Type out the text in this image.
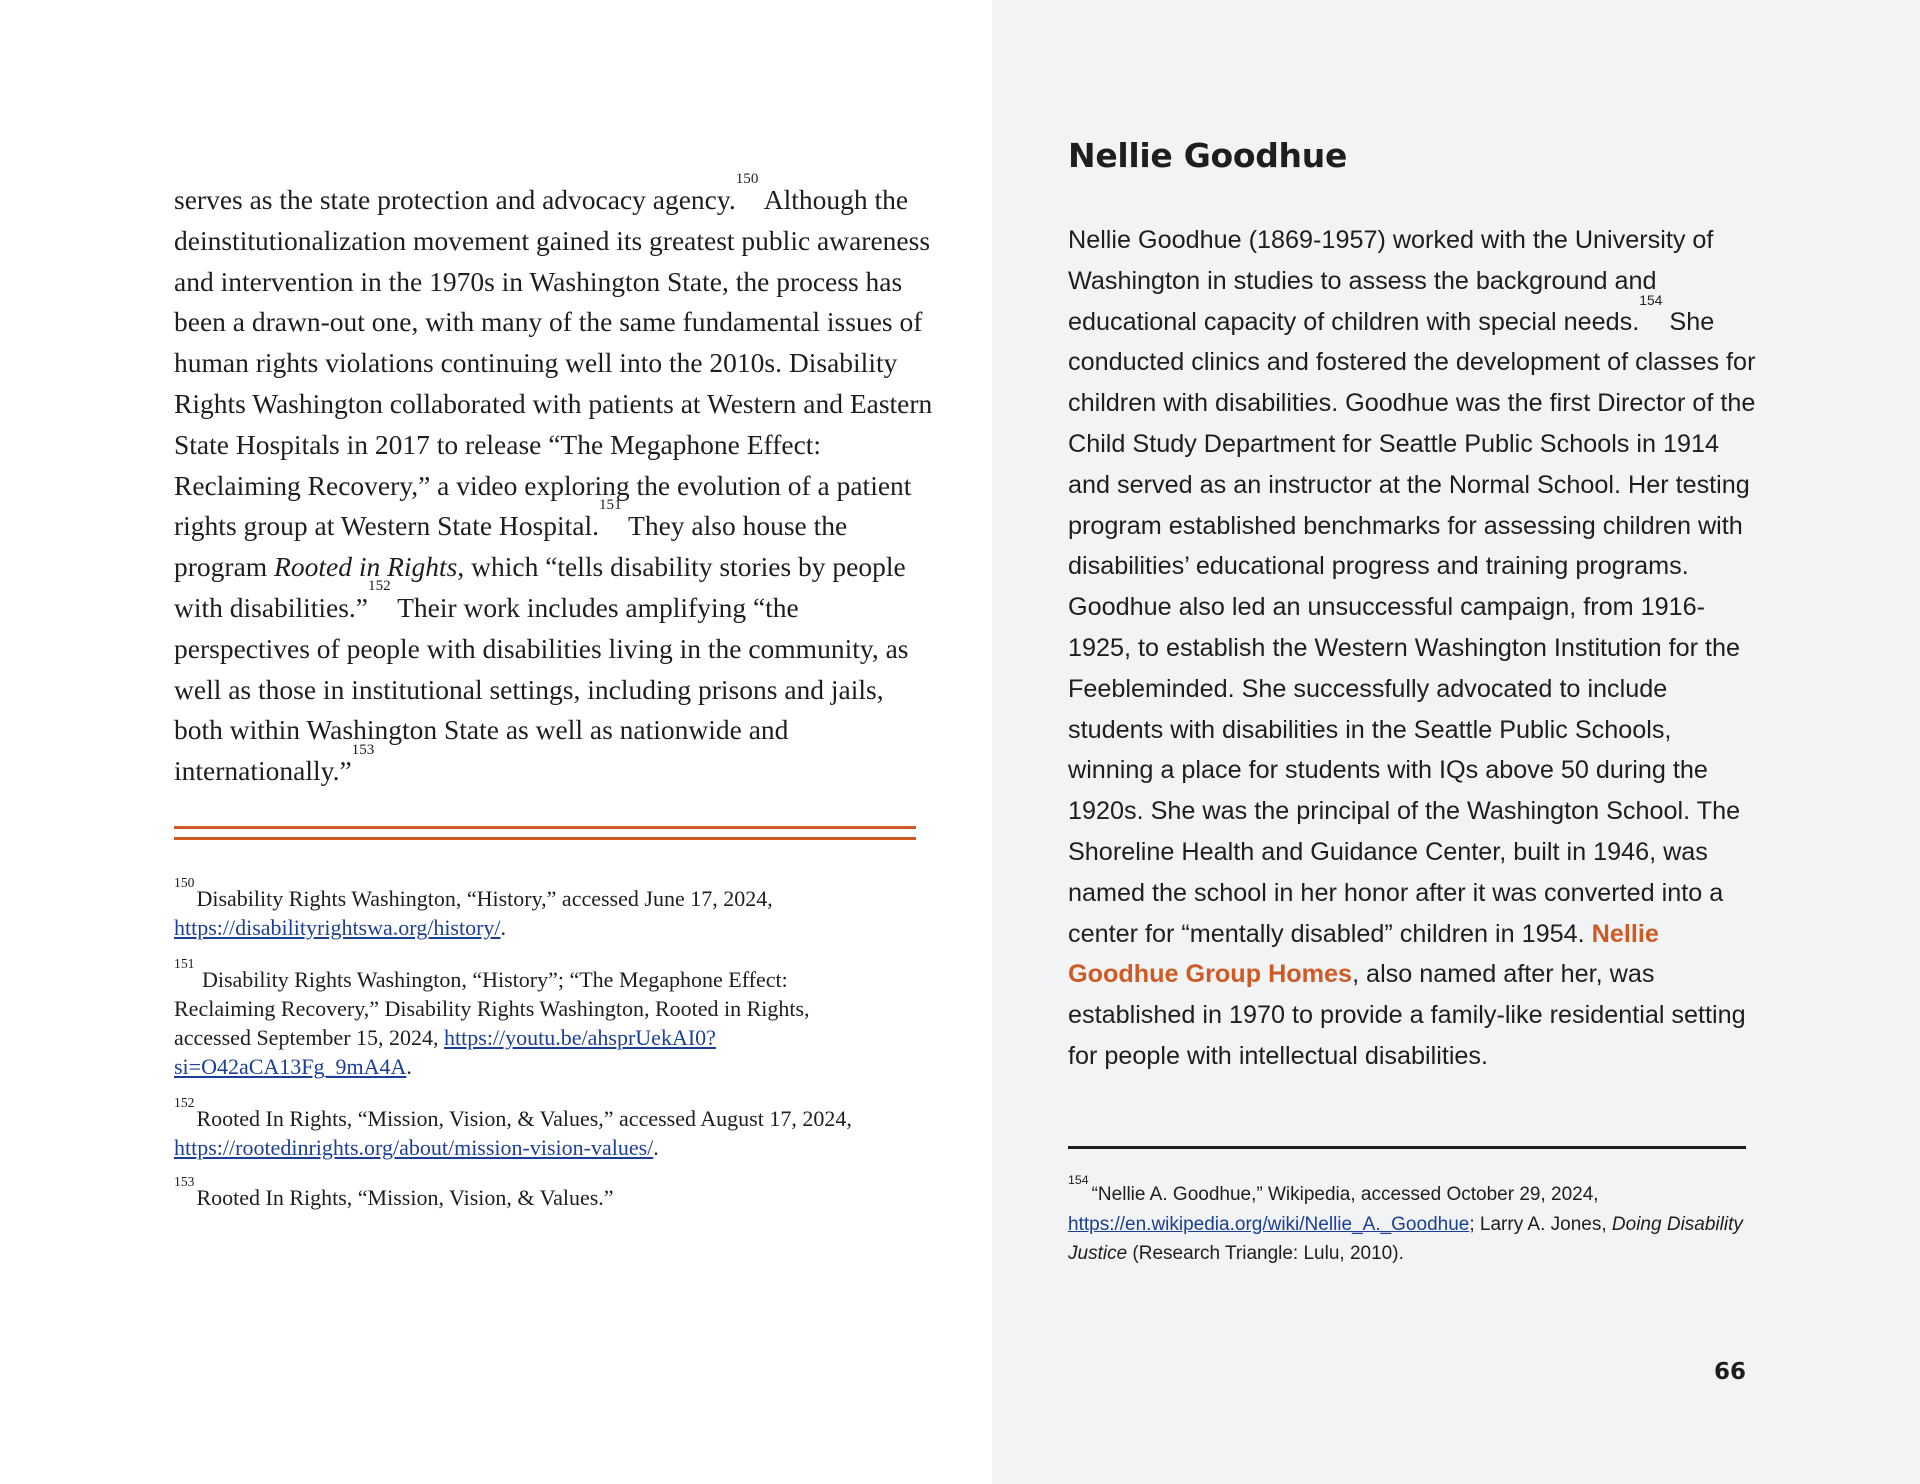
serves as the state protection and advocacy agency.$^{150}$ Although the deinstitutionalization movement gained its greatest public awareness and intervention in the 1970s in Washington State, the process has been a drawn-out one, with many of the same fundamental issues of human rights violations continuing well into the 2010s. Disability Rights Washington collaborated with patients at Western and Eastern State Hospitals in 2017 to release “The Megaphone Effect: Reclaiming Recovery,” a video exploring the evolution of a patient rights group at Western State Hospital.$^{151}$ They also house the program Rooted in Rights, which “tells disability stories by people with disabilities.”$^{152}$ Their work includes amplifying “the perspectives of people with disabilities living in the community, as well as those in institutional settings, including prisons and jails, both within Washington State as well as nationwide and internationally.”$^{153}$

$^{150}$Disability Rights Washington, “History,” accessed June 17, 2024, https://disabilityrightswa.org/history/.

$^{151}$ Disability Rights Washington, “History”; “The Megaphone Effect: Reclaiming Recovery,” Disability Rights Washington, Rooted in Rights, accessed September 15, 2024, https://youtu.be/ahsprUekAI0?si=O42aCA13Fg_9mA4A.

$^{152}$Rooted In Rights, “Mission, Vision, & Values,” accessed August 17, 2024, https://rootedinrights.org/about/mission-vision-values/.

$^{153}$Rooted In Rights, “Mission, Vision, & Values.”

Nellie Goodhue

Nellie Goodhue (1869-1957) worked with the University of Washington in studies to assess the background and educational capacity of children with special needs.$^{154}$ She conducted clinics and fostered the development of classes for children with disabilities. Goodhue was the first Director of the Child Study Department for Seattle Public Schools in 1914 and served as an instructor at the Normal School. Her testing program established benchmarks for assessing children with disabilities’ educational progress and training programs. Goodhue also led an unsuccessful campaign, from 1916-1925, to establish the Western Washington Institution for the Feebleminded. She successfully advocated to include students with disabilities in the Seattle Public Schools, winning a place for students with IQs above 50 during the 1920s. She was the principal of the Washington School. The Shoreline Health and Guidance Center, built in 1946, was named the school in her honor after it was converted into a center for “mentally disabled” children in 1954. Nellie Goodhue Group Homes, also named after her, was established in 1970 to provide a family-like residential setting for people with intellectual disabilities.

$^{154}$“Nellie A. Goodhue,” Wikipedia, accessed October 29, 2024, https://en.wikipedia.org/wiki/Nellie_A._Goodhue; Larry A. Jones, Doing Disability Justice (Research Triangle: Lulu, 2010).

66
